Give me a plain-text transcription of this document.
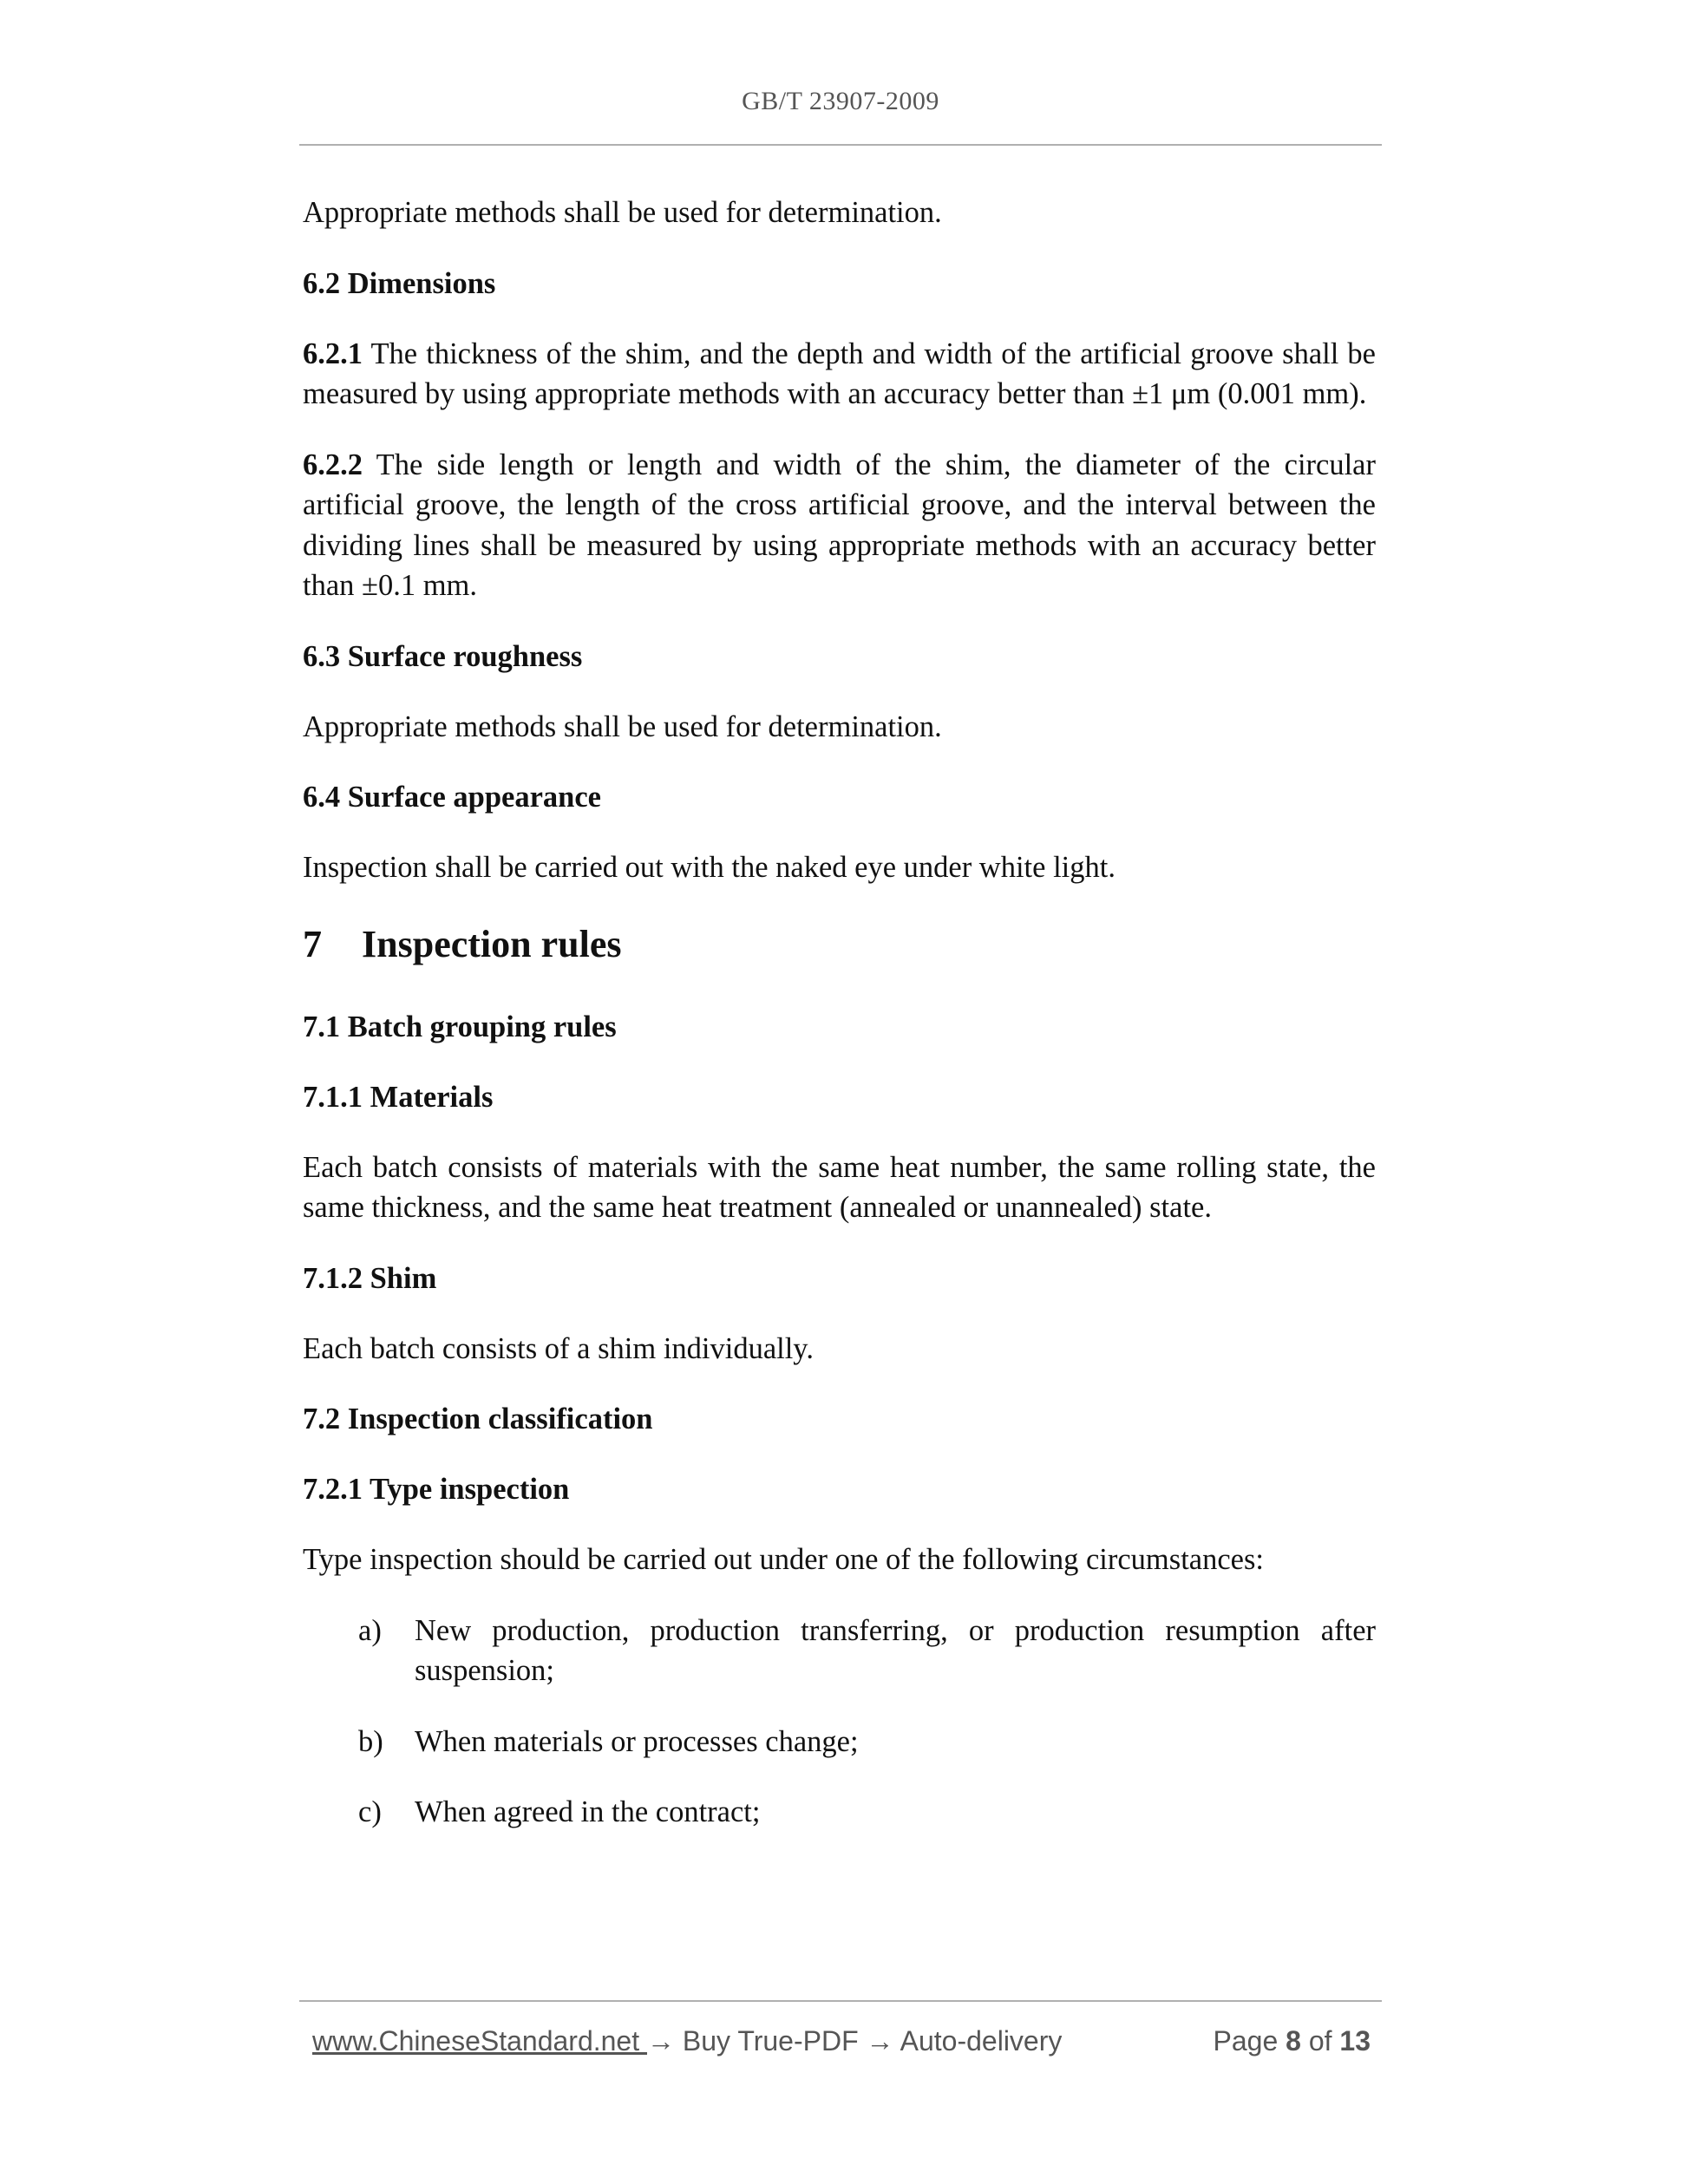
GB/T 23907-2009

Appropriate methods shall be used for determination.

6.2 Dimensions

6.2.1 The thickness of the shim, and the depth and width of the artificial groove shall be measured by using appropriate methods with an accuracy better than ±1 μm (0.001 mm).

6.2.2 The side length or length and width of the shim, the diameter of the circular artificial groove, the length of the cross artificial groove, and the interval between the dividing lines shall be measured by using appropriate methods with an accuracy better than ±0.1 mm.

6.3 Surface roughness

Appropriate methods shall be used for determination.

6.4 Surface appearance

Inspection shall be carried out with the naked eye under white light.

7 Inspection rules
7.1 Batch grouping rules
7.1.1 Materials

Each batch consists of materials with the same heat number, the same rolling state, the same thickness, and the same heat treatment (annealed or unannealed) state.

7.1.2 Shim

Each batch consists of a shim individually.

7.2 Inspection classification
7.2.1 Type inspection

Type inspection should be carried out under one of the following circumstances:

a) New production, production transferring, or production resumption after suspension;
b) When materials or processes change;
c) When agreed in the contract;
www.ChineseStandard.net → Buy True-PDF → Auto-delivery	Page 8 of 13
